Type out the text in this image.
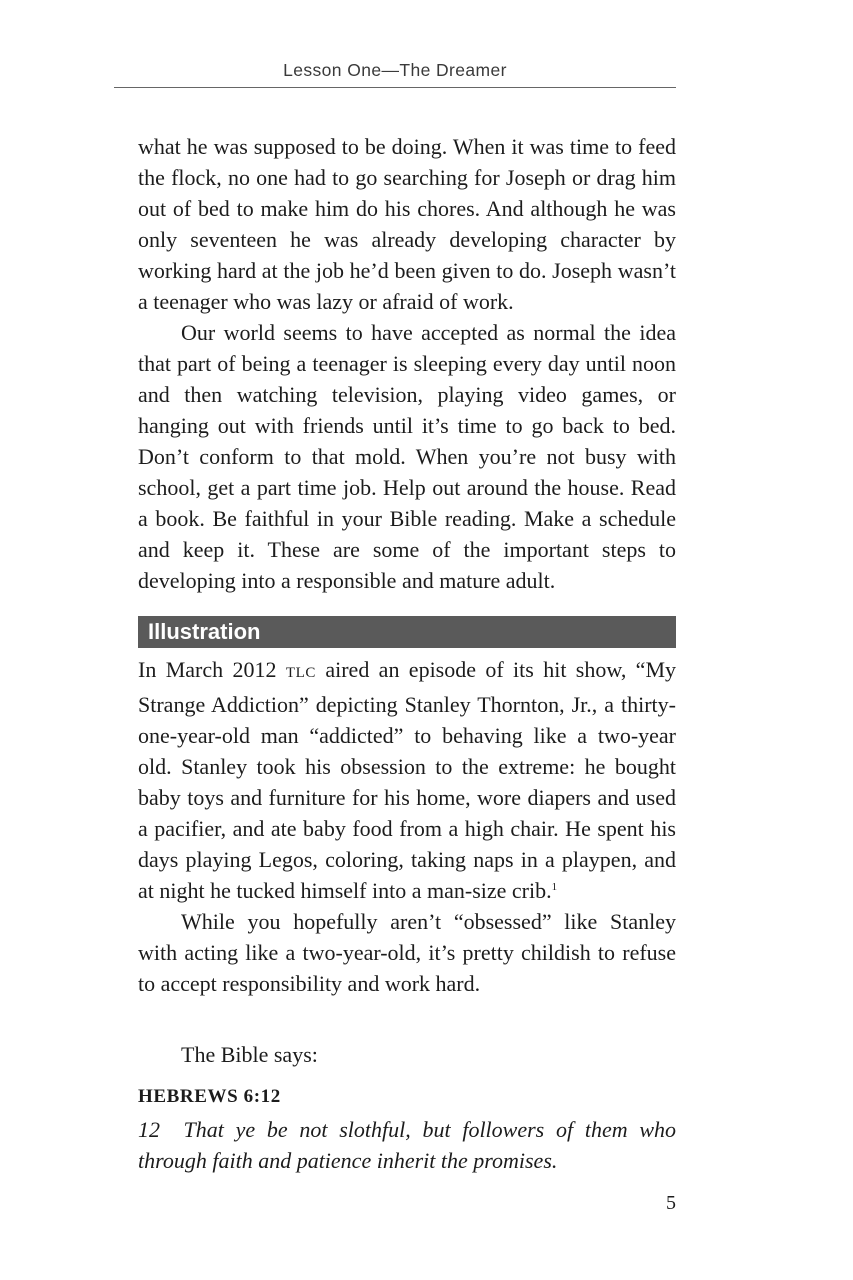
Lesson One—The Dreamer

what he was supposed to be doing. When it was time to feed the flock, no one had to go searching for Joseph or drag him out of bed to make him do his chores. And although he was only seventeen he was already developing character by working hard at the job he’d been given to do. Joseph wasn’t a teenager who was lazy or afraid of work.

Our world seems to have accepted as normal the idea that part of being a teenager is sleeping every day until noon and then watching television, playing video games, or hanging out with friends until it’s time to go back to bed. Don’t conform to that mold. When you’re not busy with school, get a part time job. Help out around the house. Read a book. Be faithful in your Bible reading. Make a schedule and keep it. These are some of the important steps to developing into a responsible and mature adult.

Illustration

In March 2012 TLC aired an episode of its hit show, “My Strange Addiction” depicting Stanley Thornton, Jr., a thirty-one-year-old man “addicted” to behaving like a two-year old. Stanley took his obsession to the extreme: he bought baby toys and furniture for his home, wore diapers and used a pacifier, and ate baby food from a high chair. He spent his days playing Legos, coloring, taking naps in a playpen, and at night he tucked himself into a man-size crib.$^1$

While you hopefully aren’t “obsessed” like Stanley with acting like a two-year-old, it’s pretty childish to refuse to accept responsibility and work hard.

The Bible says:
HEBREWS 6:12
12 That ye be not slothful, but followers of them who through faith and patience inherit the promises.
5
